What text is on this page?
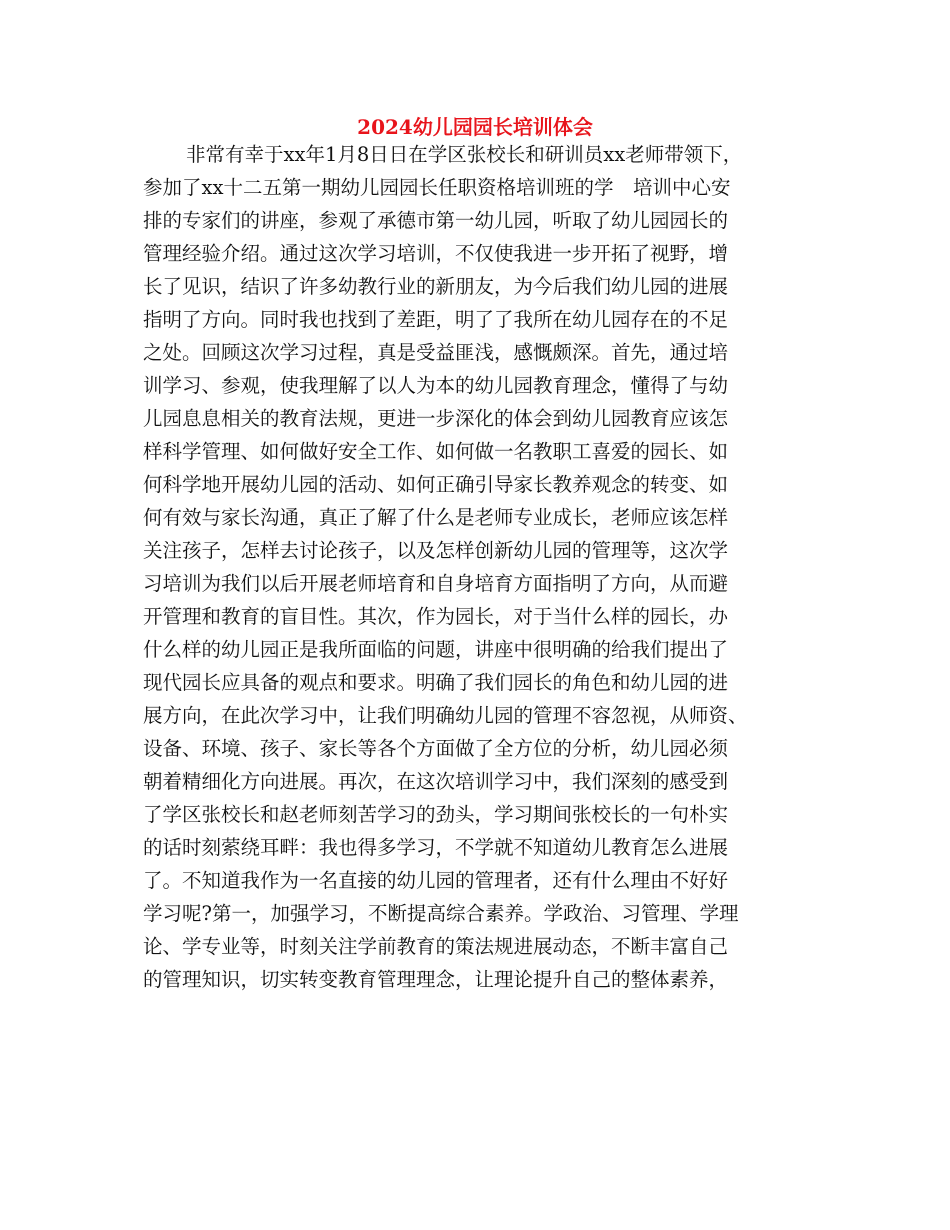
2024幼儿园园长培训体会
非常有幸于xx年1月8日日在学区张校长和研训员xx老师带领下，
参加了xx十二五第一期幼儿园园长任职资格培训班的学　培训中心安
排的专家们的讲座，参观了承德市第一幼儿园，听取了幼儿园园长的
管理经验介绍。通过这次学习培训，不仅使我进一步开拓了视野，增
长了见识，结识了许多幼教行业的新朋友，为今后我们幼儿园的进展
指明了方向。同时我也找到了差距，明了了我所在幼儿园存在的不足
之处。回顾这次学习过程，真是受益匪浅，感慨颇深。首先，通过培
训学习、参观，使我理解了以人为本的幼儿园教育理念，懂得了与幼
儿园息息相关的教育法规，更进一步深化的体会到幼儿园教育应该怎
样科学管理、如何做好安全工作、如何做一名教职工喜爱的园长、如
何科学地开展幼儿园的活动、如何正确引导家长教养观念的转变、如
何有效与家长沟通，真正了解了什么是老师专业成长，老师应该怎样
关注孩子，怎样去讨论孩子，以及怎样创新幼儿园的管理等，这次学
习培训为我们以后开展老师培育和自身培育方面指明了方向，从而避
开管理和教育的盲目性。其次，作为园长，对于当什么样的园长，办
什么样的幼儿园正是我所面临的问题，讲座中很明确的给我们提出了
现代园长应具备的观点和要求。明确了我们园长的角色和幼儿园的进
展方向，在此次学习中，让我们明确幼儿园的管理不容忽视，从师资、
设备、环境、孩子、家长等各个方面做了全方位的分析，幼儿园必须
朝着精细化方向进展。再次，在这次培训学习中，我们深刻的感受到
了学区张校长和赵老师刻苦学习的劲头，学习期间张校长的一句朴实
的话时刻萦绕耳畔：我也得多学习，不学就不知道幼儿教育怎么进展
了。不知道我作为一名直接的幼儿园的管理者，还有什么理由不好好
学习呢?第一，加强学习，不断提高综合素养。学政治、习管理、学理
论、学专业等，时刻关注学前教育的策法规进展动态，不断丰富自己
的管理知识，切实转变教育管理理念，让理论提升自己的整体素养，
